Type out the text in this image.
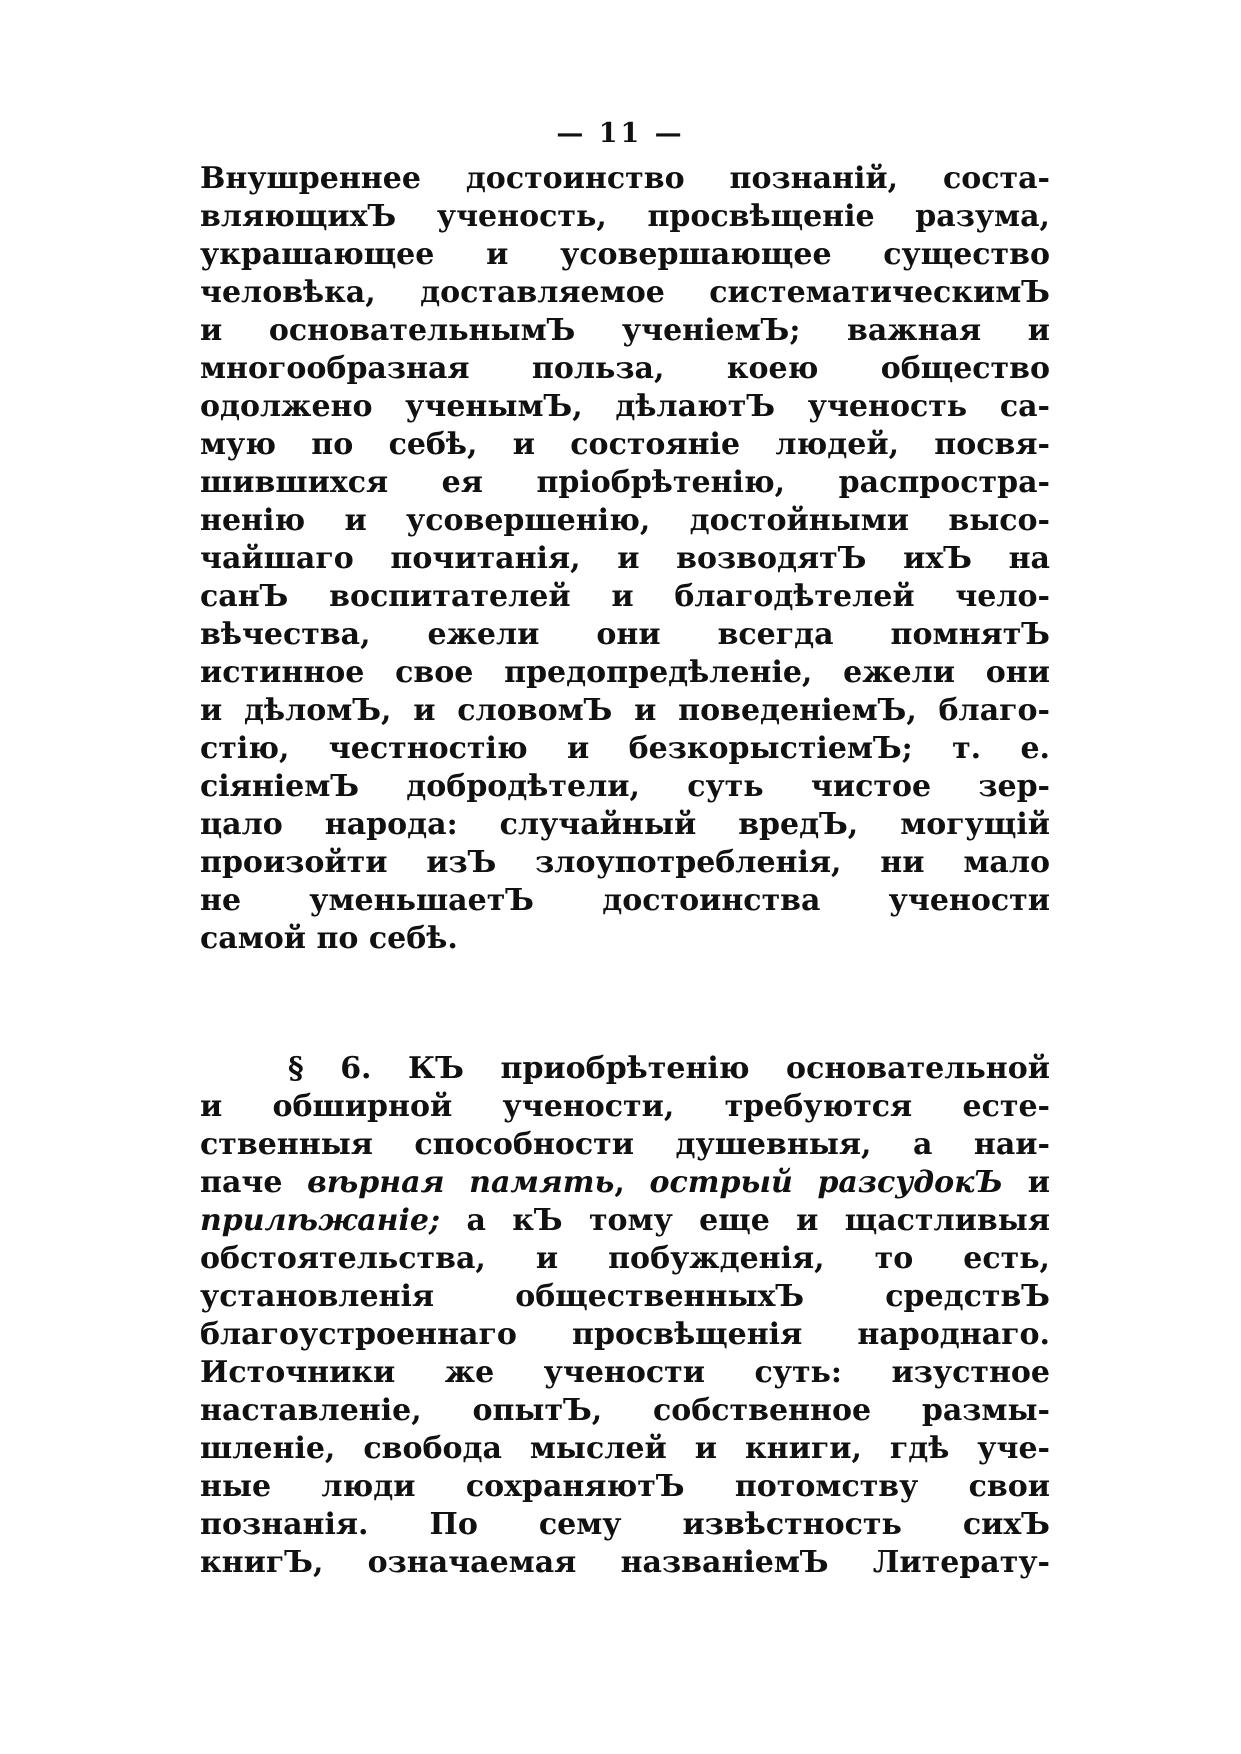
— 11 —
Внушреннее достоинство познаній, соста-
вляющихЪ ученость, просвѣщеніе разума,
украшающее и усовершающее существо
человѣка, доставляемое систематическимЪ
и основательнымЪ ученіемЪ; важная и
многообразная польза, коею общество
одолжено ученымЪ, дѣлаютЪ ученость са-
мую по себѣ, и состояніе людей, посвя-
шившихся ея пріобрѣтенію, распростра-
ненію и усовершенію, достойными высо-
чайшаго почитанія, и возводятЪ ихЪ на
санЪ воспитателей и благодѣтелей чело-
вѣчества, ежели они всегда помнятЪ
истинное свое предопредѣленіе, ежели они
и дѣломЪ, и словомЪ и поведеніемЪ, благо-
стію, честностію и безкорыстіемЪ; т. е.
сіяніемЪ добродѣтели, суть чистое зер-
цало народа: случайный вредЪ, могущій
произойти изЪ злоупотребленія, ни мало
не уменьшаетЪ достоинства учености
самой по себѣ.
§ 6. КЪ приобрѣтенію основательной
и обширной учености, требуются есте-
ственныя способности душевныя, а наи-
паче вѣрная память, острый разсудокЪ и
прилѣжаніе; а кЪ тому еще и щастливыя
обстоятельства, и побужденія, то есть,
установленія общественныхЪ средствЪ
благоустроеннаго просвѣщенія народнаго.
Источники же учености суть: изустное
наставленіе, опытЪ, собственное размы-
шленіе, свобода мыслей и книги, гдѣ уче-
ные люди сохраняютЪ потомству свои
познанія. По сему извѣстность сихЪ
книгЪ, означаемая названіемЪ Литерату-
